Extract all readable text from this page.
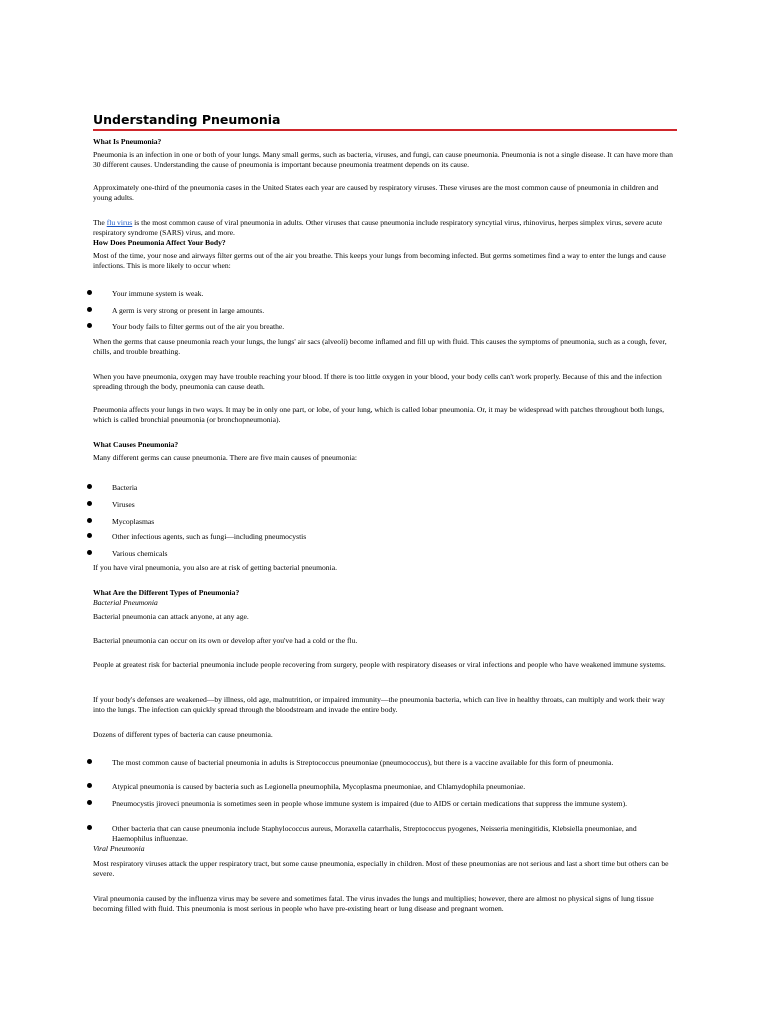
Understanding Pneumonia
What Is Pneumonia?
Pneumonia is an infection in one or both of your lungs. Many small germs, such as bacteria, viruses, and fungi, can cause pneumonia. Pneumonia is not a single disease. It can have more than 30 different causes. Understanding the cause of pneumonia is important because pneumonia treatment depends on its cause.
Approximately one-third of the pneumonia cases in the United States each year are caused by respiratory viruses. These viruses are the most common cause of pneumonia in children and young adults.
The flu virus is the most common cause of viral pneumonia in adults. Other viruses that cause pneumonia include respiratory syncytial virus, rhinovirus, herpes simplex virus, severe acute respiratory syndrome (SARS) virus, and more.
How Does Pneumonia Affect Your Body?
Most of the time, your nose and airways filter germs out of the air you breathe. This keeps your lungs from becoming infected. But germs sometimes find a way to enter the lungs and cause infections. This is more likely to occur when:
Your immune system is weak.
A germ is very strong or present in large amounts.
Your body fails to filter germs out of the air you breathe.
When the germs that cause pneumonia reach your lungs, the lungs' air sacs (alveoli) become inflamed and fill up with fluid. This causes the symptoms of pneumonia, such as a cough, fever, chills, and trouble breathing.
When you have pneumonia, oxygen may have trouble reaching your blood. If there is too little oxygen in your blood, your body cells can't work properly. Because of this and the infection spreading through the body, pneumonia can cause death.
Pneumonia affects your lungs in two ways. It may be in only one part, or lobe, of your lung, which is called lobar pneumonia. Or, it may be widespread with patches throughout both lungs, which is called bronchial pneumonia (or bronchopneumonia).
What Causes Pneumonia?
Many different germs can cause pneumonia. There are five main causes of pneumonia:
Bacteria
Viruses
Mycoplasmas
Other infectious agents, such as fungi—including pneumocystis
Various chemicals
If you have viral pneumonia, you also are at risk of getting bacterial pneumonia.
What Are the Different Types of Pneumonia?
Bacterial Pneumonia
Bacterial pneumonia can attack anyone, at any age.
Bacterial pneumonia can occur on its own or develop after you've had a cold or the flu.
People at greatest risk for bacterial pneumonia include people recovering from surgery, people with respiratory diseases or viral infections and people who have weakened immune systems.
If your body's defenses are weakened—by illness, old age, malnutrition, or impaired immunity—the pneumonia bacteria, which can live in healthy throats, can multiply and work their way into the lungs. The infection can quickly spread through the bloodstream and invade the entire body.
Dozens of different types of bacteria can cause pneumonia.
The most common cause of bacterial pneumonia in adults is Streptococcus pneumoniae (pneumococcus), but there is a vaccine available for this form of pneumonia.
Atypical pneumonia is caused by bacteria such as Legionella pneumophila, Mycoplasma pneumoniae, and Chlamydophila pneumoniae.
Pneumocystis jiroveci pneumonia is sometimes seen in people whose immune system is impaired (due to AIDS or certain medications that suppress the immune system).
Other bacteria that can cause pneumonia include Staphylococcus aureus, Moraxella catarrhalis, Streptococcus pyogenes, Neisseria meningitidis, Klebsiella pneumoniae, and Haemophilus influenzae.
Viral Pneumonia
Most respiratory viruses attack the upper respiratory tract, but some cause pneumonia, especially in children. Most of these pneumonias are not serious and last a short time but others can be severe.
Viral pneumonia caused by the influenza virus may be severe and sometimes fatal. The virus invades the lungs and multiplies; however, there are almost no physical signs of lung tissue becoming filled with fluid. This pneumonia is most serious in people who have pre-existing heart or lung disease and pregnant women.
